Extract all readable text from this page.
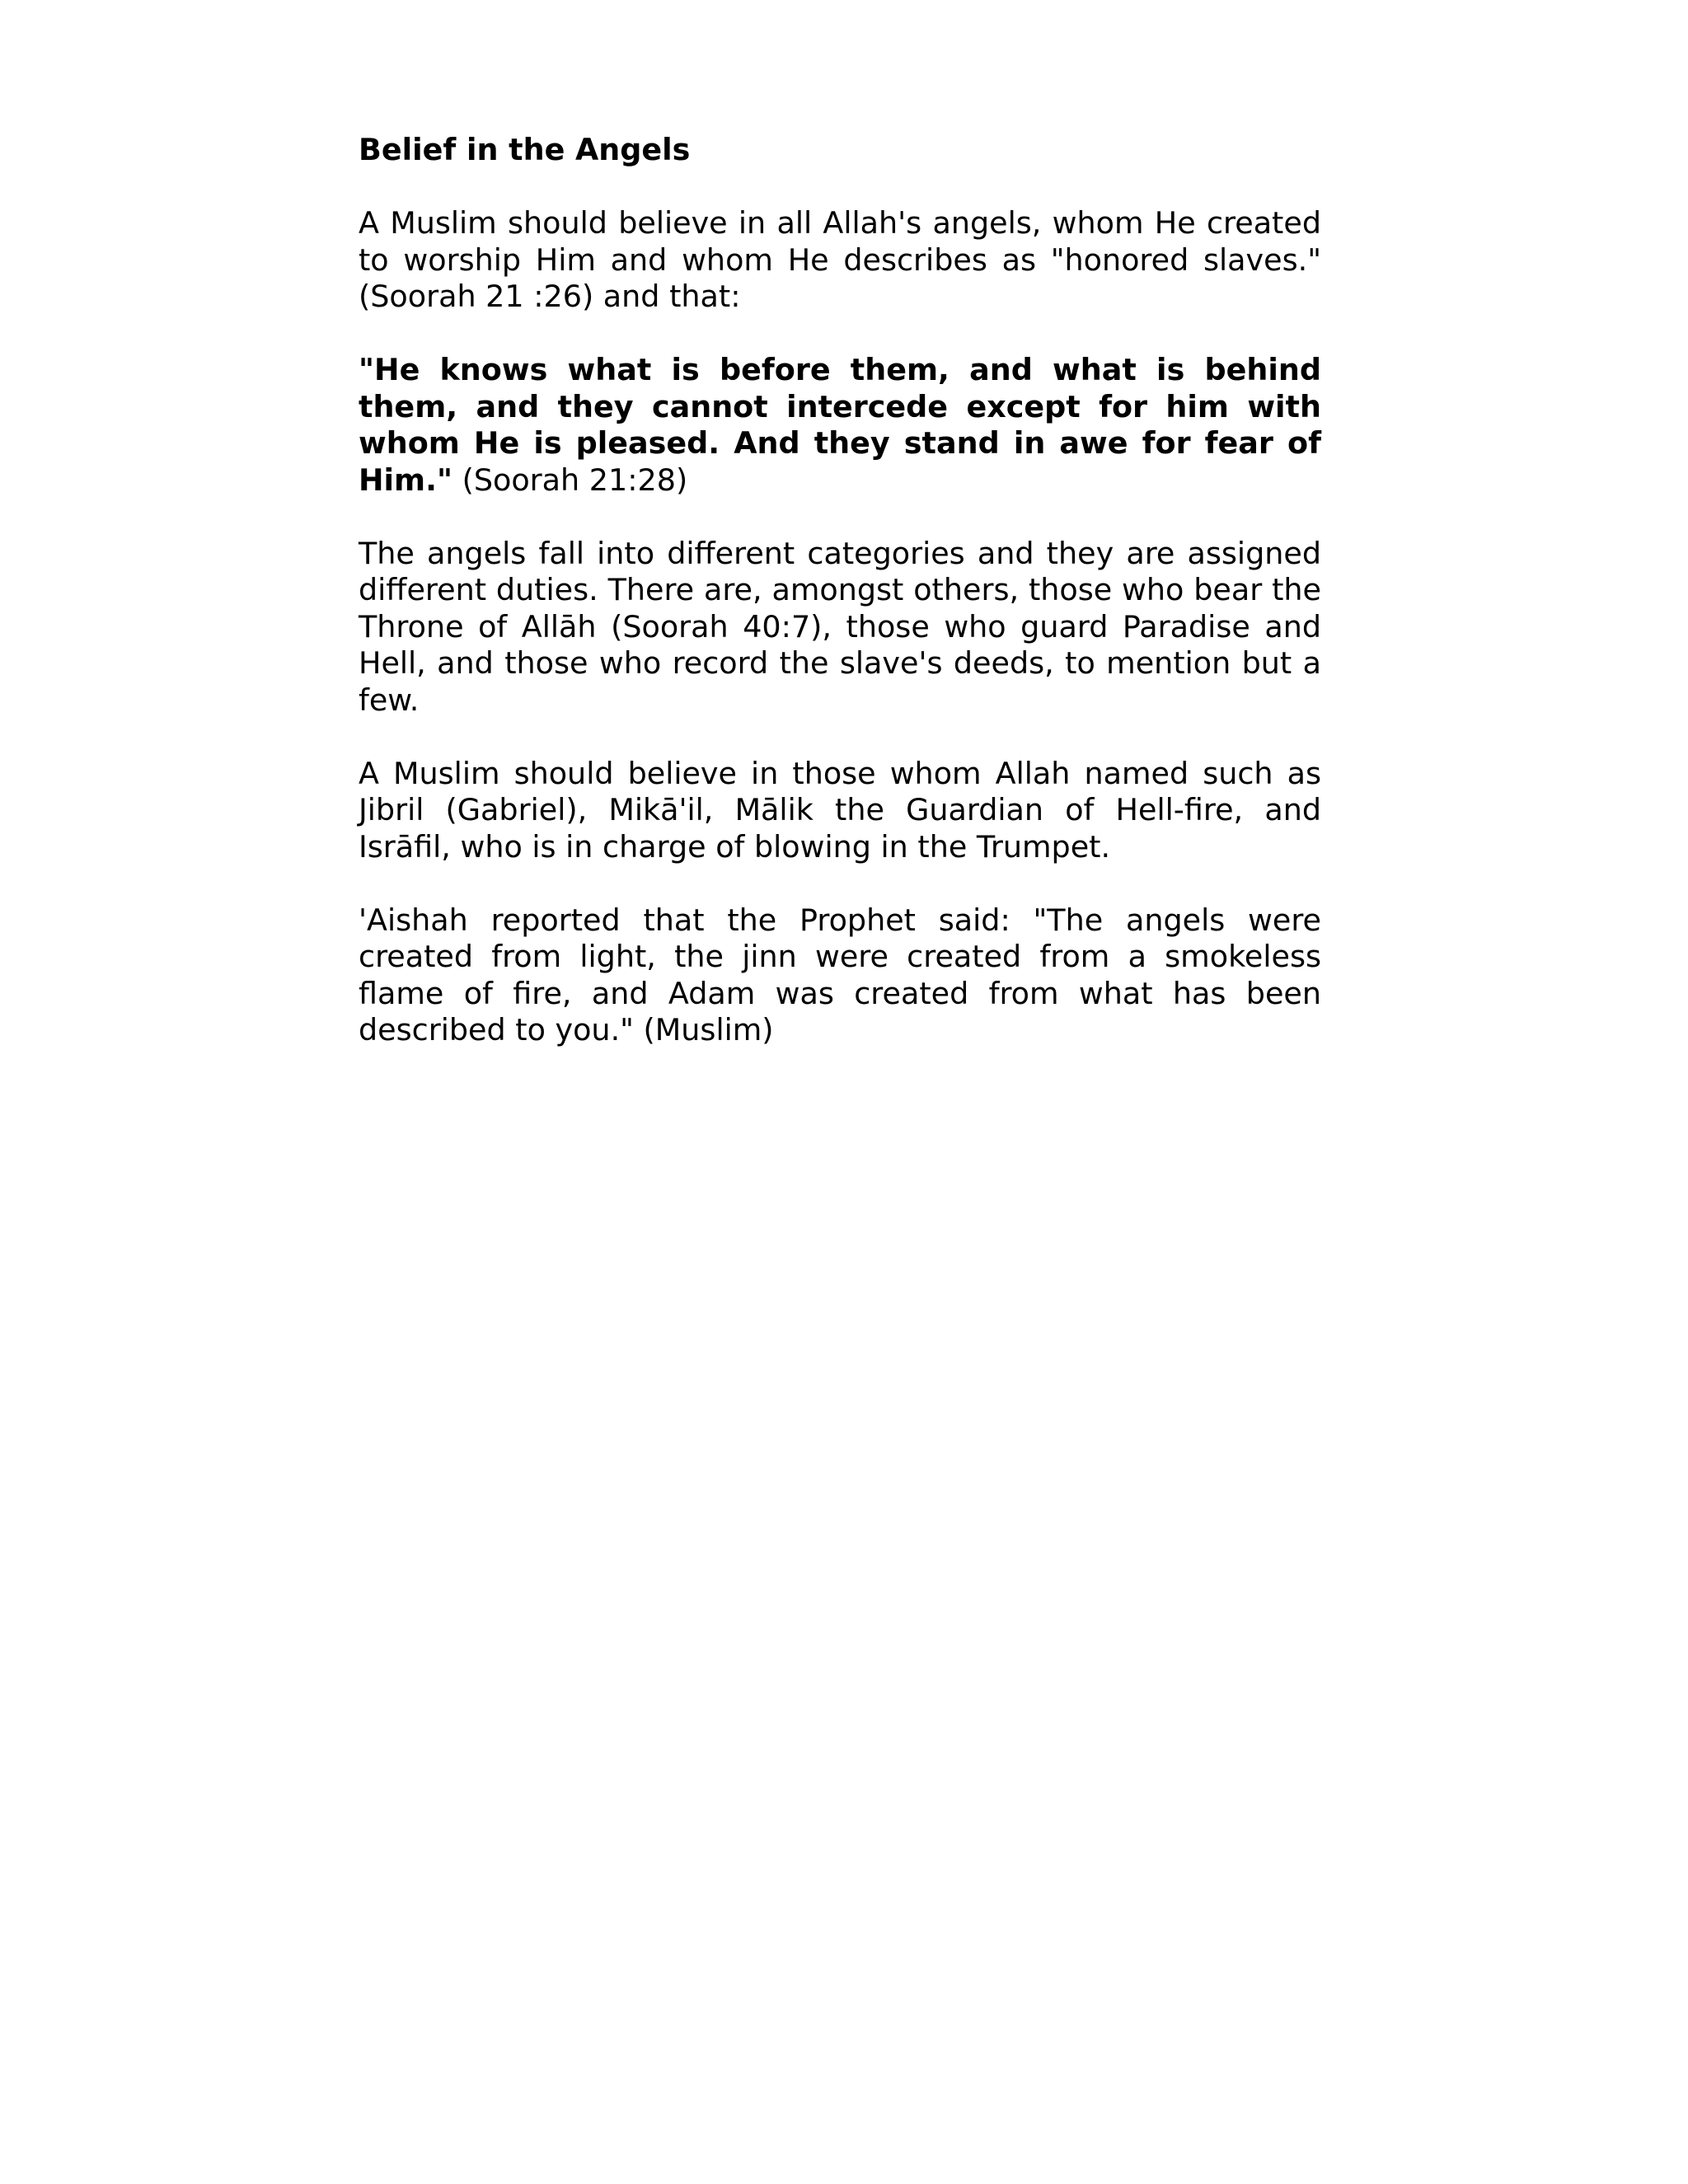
Belief in the Angels

A Muslim should believe in all Allah's angels, whom He created to worship Him and whom He describes as "honored slaves." (Soorah 21 :26) and that:

"He knows what is before them, and what is behind them, and they cannot intercede except for him with whom He is pleased. And they stand in awe for fear of Him." (Soorah 21:28)

The angels fall into different categories and they are assigned different duties. There are, amongst others, those who bear the Throne of Allāh (Soorah 40:7), those who guard Paradise and Hell, and those who record the slave's deeds, to mention but a few.

A Muslim should believe in those whom Allah named such as Jibril (Gabriel), Mikā'il, Mālik the Guardian of Hell-fire, and Isrāfil, who is in charge of blowing in the Trumpet.

'Aishah reported that the Prophet said: "The angels were created from light, the jinn were created from a smokeless flame of fire, and Adam was created from what has been described to you." (Muslim)
